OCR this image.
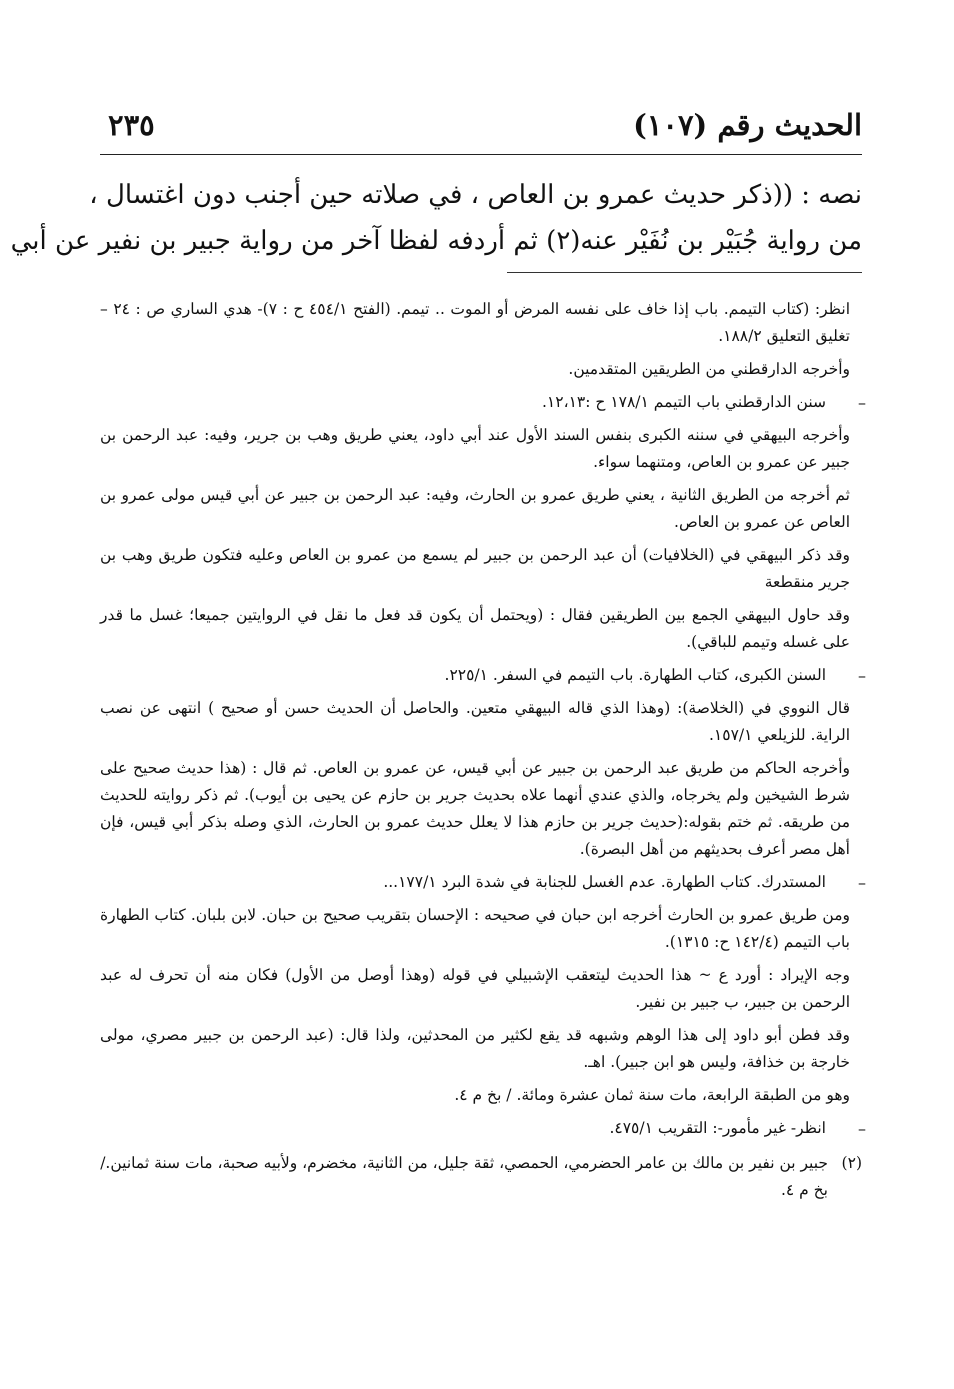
الحديث رقم (١٠٧)
٢٣٥
نصه : ((ذكر حديث عمرو بن العاص ، في صلاته حين أجنب دون اغتسال ،
من رواية جُبَيْر بن نُفَيْر عنه(٢) ثم أردفه لفظا آخر من رواية جبير بن نفير عن أبي
انظر: (كتاب التيمم. باب إذا خاف على نفسه المرض أو الموت .. تيمم. (الفتح ٤٥٤/١ ح : ٧)- هدي الساري ص : ٢٤ – تغليق التعليق ١٨٨/٢.
وأخرجه الدارقطني من الطريقين المتقدمين.
– سنن الدارقطني باب التيمم ١٧٨/١ ح :١٢،١٣.
وأخرجه البيهقي في سننه الكبرى بنفس السند الأول عند أبي داود، يعني طريق وهب بن جرير، وفيه: عبد الرحمن بن جبير عن عمرو بن العاص، ومتنهما سواء.
ثم أخرجه من الطريق الثانية ، يعني طريق عمرو بن الحارث، وفيه: عبد الرحمن بن جبير عن أبي قيس مولى عمرو بن العاص عن عمرو بن العاص.
وقد ذكر البيهقي في (الخلافيات) أن عبد الرحمن بن جبير لم يسمع من عمرو بن العاص وعليه فتكون طريق وهب بن جرير منقطعة
وقد حاول البيهقي الجمع بين الطريقين فقال : (ويحتمل أن يكون قد فعل ما نقل في الروايتين جميعا؛ غسل ما قدر على غسله وتيمم للباقي).
– السنن الكبرى، كتاب الطهارة. باب التيمم في السفر. ٢٢٥/١.
قال النووي في (الخلاصة): (وهذا الذي قاله البيهقي متعين. والحاصل أن الحديث حسن أو صحيح ) انتهى عن نصب الراية. للزيلعي ١٥٧/١.
وأخرجه الحاكم من طريق عبد الرحمن بن جبير عن أبي قيس، عن عمرو بن العاص. ثم قال : (هذا حديث صحيح على شرط الشيخين ولم يخرجاه، والذي عندي أنهما علاه بحديث جرير بن حازم عن يحيى بن أيوب). ثم ذكر روايته للحديث من طريقه. ثم ختم بقوله:(حديث جرير بن حازم هذا لا يعلل حديث عمرو بن الحارث، الذي وصله بذكر أبي قيس، فإن أهل مصر أعرف بحديثهم من أهل البصرة).
– المستدرك. كتاب الطهارة. عدم الغسل للجنابة في شدة البرد ١٧٧/١...
ومن طريق عمرو بن الحارث أخرجه ابن حبان في صحيحه : الإحسان بتقريب صحيح بن حبان. لابن بلبان. كتاب الطهارة باب التيمم (١٤٢/٤ ح: ١٣١٥).
وجه الإيراد : أورد ع ~ هذا الحديث ليتعقب الإشبيلي في قوله (وهذا أوصل من الأول) فكان منه أن تحرف له عبد الرحمن بن جبير، ب جبير بن نفير.
وقد فطن أبو داود إلى هذا الوهم وشبهه قد يقع لكثير من المحدثين، ولذا قال: (عبد الرحمن بن جبير مصري، مولى خارجة بن خذافة، وليس هو ابن جبير). اهـ.
وهو من الطبقة الرابعة، مات سنة ثمان عشرة ومائة. / بخ م ٤.
– انظر- غير مأمور-: التقريب ٤٧٥/١.
(٢)
جبير بن نفير بن مالك بن عامر الحضرمي، الحمصي، ثقة جليل، من الثانية، مخضرم، ولأبيه صحبة، مات سنة ثمانين./ بخ م ٤.
